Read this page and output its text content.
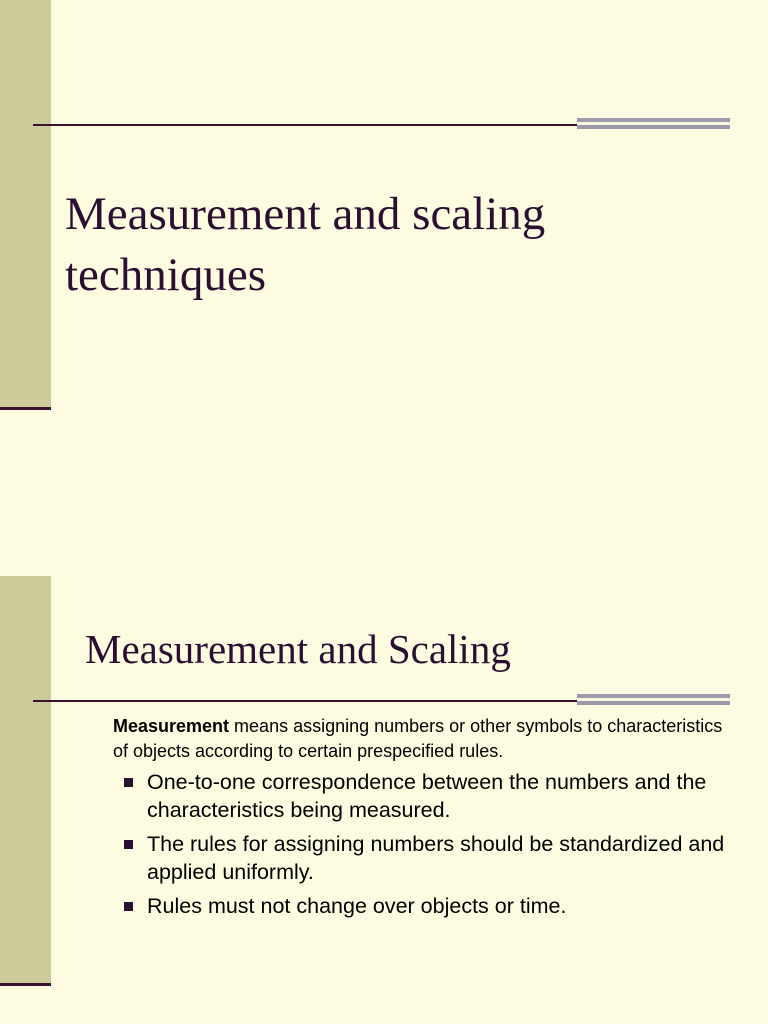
Measurement and scaling techniques
Measurement and Scaling

Measurement means assigning numbers or other symbols to characteristics of objects according to certain prespecified rules.

One-to-one correspondence between the numbers and the characteristics being measured.
The rules for assigning numbers should be standardized and applied uniformly.
Rules must not change over objects or time.
